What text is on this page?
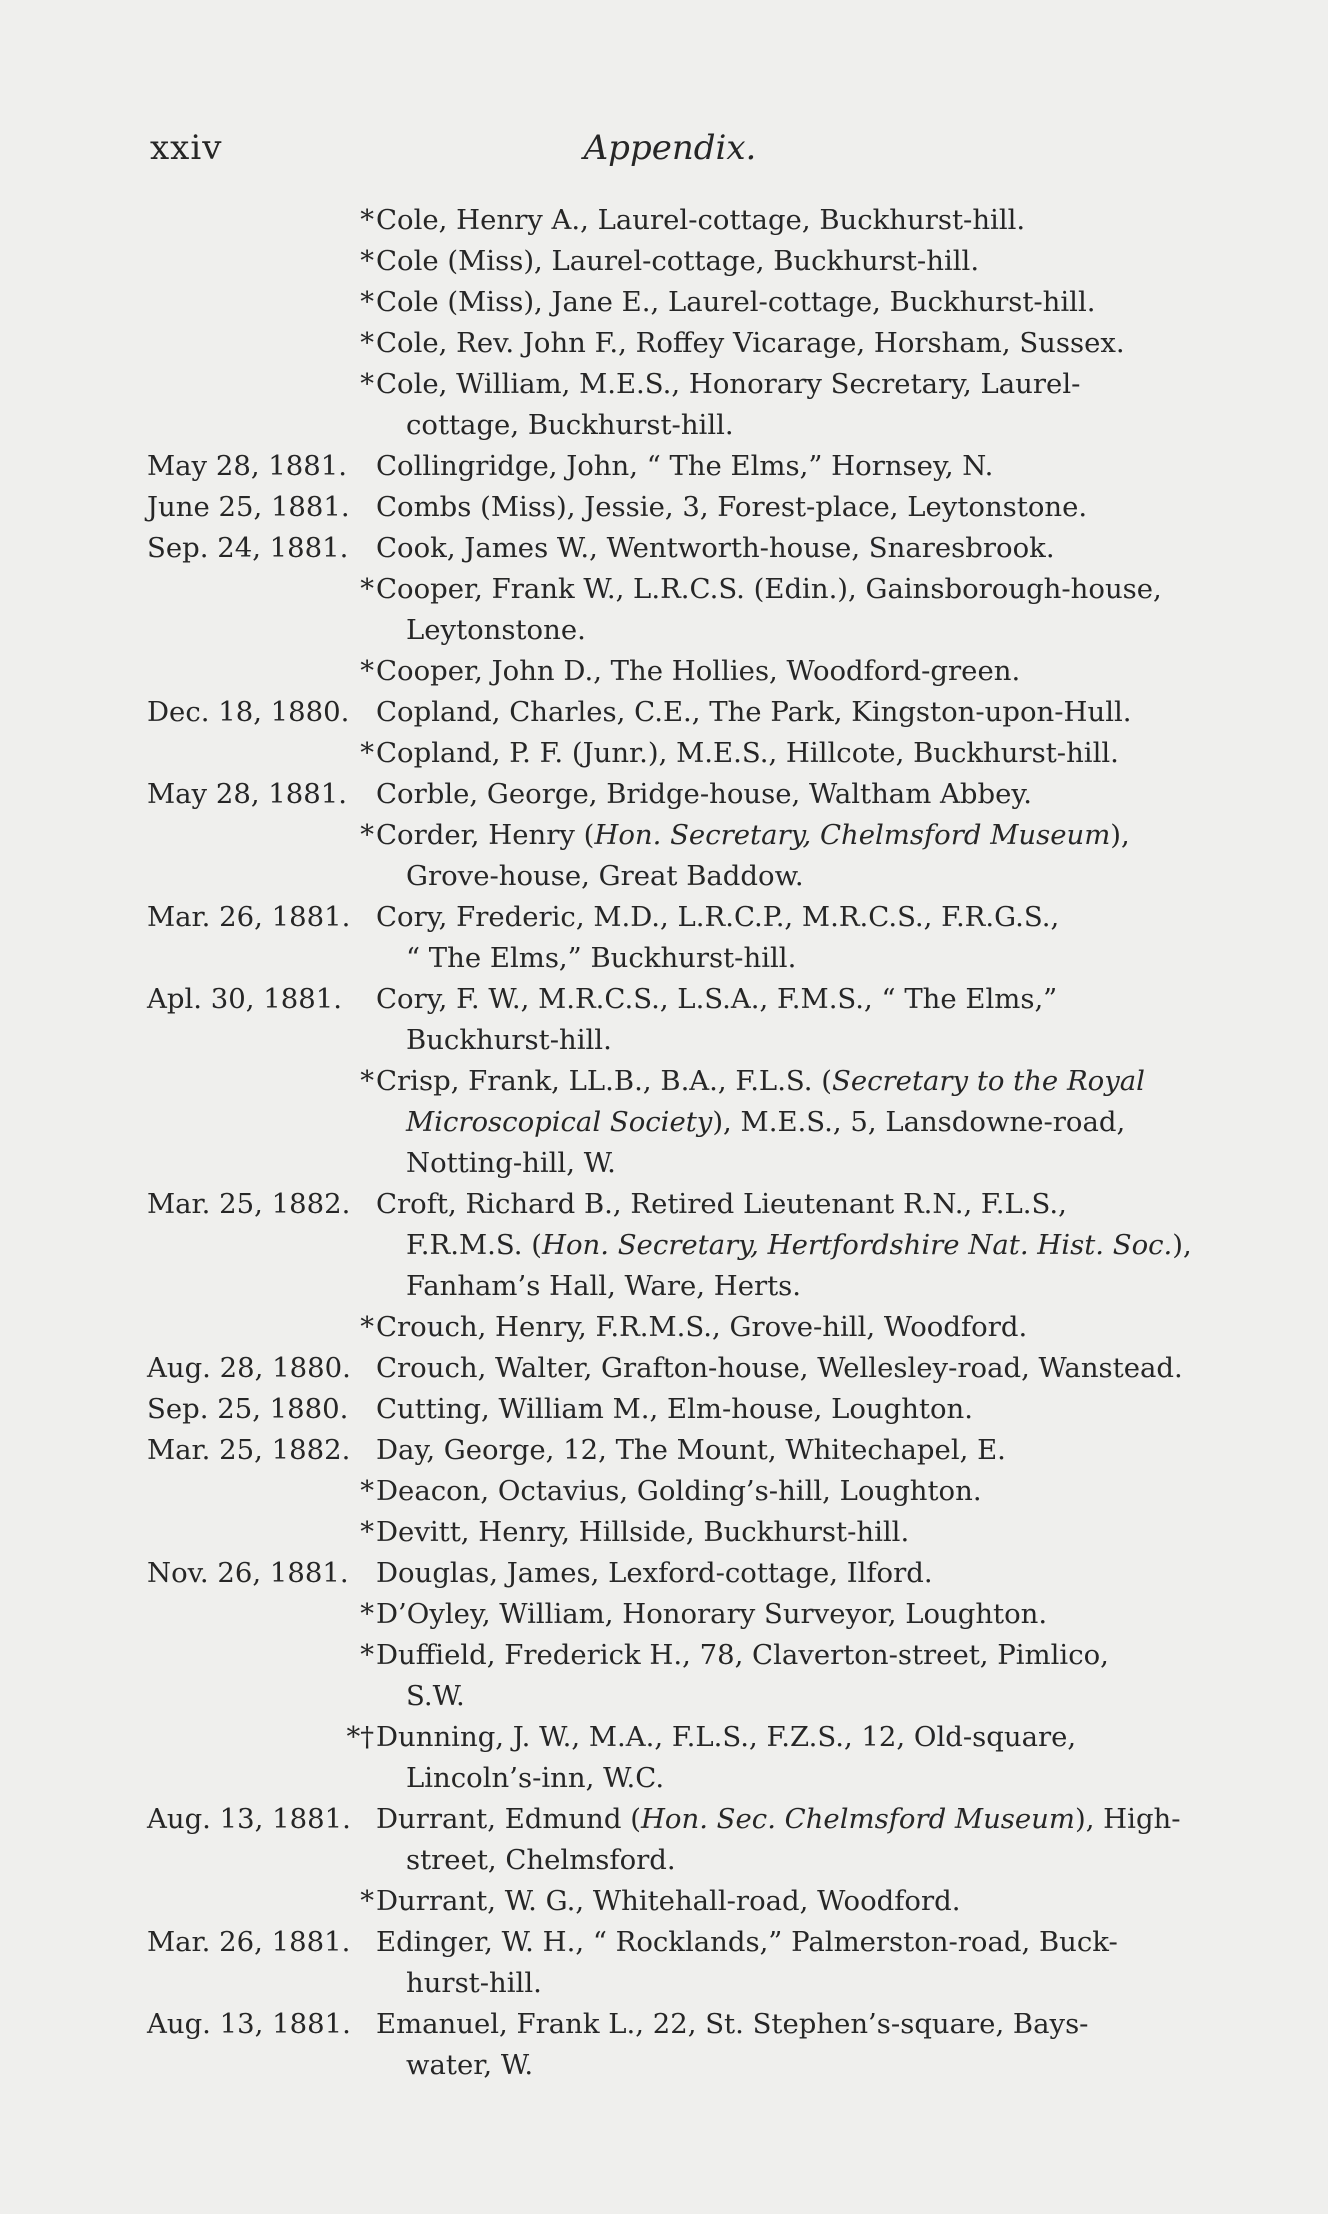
xxiv	Appendix.
* Cole, Henry A., Laurel-cottage, Buckhurst-hill.
* Cole (Miss), Laurel-cottage, Buckhurst-hill.
* Cole (Miss), Jane E., Laurel-cottage, Buckhurst-hill.
* Cole, Rev. John F., Roffey Vicarage, Horsham, Sussex.
* Cole, William, M.E.S., Honorary Secretary, Laurel-
cottage, Buckhurst-hill.
May 28, 1881. Collingridge, John, “ The Elms,” Hornsey, N.
June 25, 1881. Combs (Miss), Jessie, 3, Forest-place, Leytonstone.
Sep. 24, 1881. Cook, James W., Wentworth-house, Snaresbrook.
* Cooper, Frank W., L.R.C.S. (Edin.), Gainsborough-house,
Leytonstone.
* Cooper, John D., The Hollies, Woodford-green.
Dec. 18, 1880. Copland, Charles, C.E., The Park, Kingston-upon-Hull.
* Copland, P. F. (Junr.), M.E.S., Hillcote, Buckhurst-hill.
May 28, 1881. Corble, George, Bridge-house, Waltham Abbey.
* Corder, Henry (Hon. Secretary, Chelmsford Museum),
Grove-house, Great Baddow.
Mar. 26, 1881. Cory, Frederic, M.D., L.R.C.P., M.R.C.S., F.R.G.S.,
“ The Elms,” Buckhurst-hill.
Apl. 30, 1881. Cory, F. W., M.R.C.S., L.S.A., F.M.S., “ The Elms,”
Buckhurst-hill.
* Crisp, Frank, LL.B., B.A., F.L.S. (Secretary to the Royal
Microscopical Society), M.E.S., 5, Lansdowne-road,
Notting-hill, W.
Mar. 25, 1882. Croft, Richard B., Retired Lieutenant R.N., F.L.S.,
F.R.M.S. (Hon. Secretary, Hertfordshire Nat. Hist. Soc.),
Fanham’s Hall, Ware, Herts.
* Crouch, Henry, F.R.M.S., Grove-hill, Woodford.
Aug. 28, 1880. Crouch, Walter, Grafton-house, Wellesley-road, Wanstead.
Sep. 25, 1880. Cutting, William M., Elm-house, Loughton.
Mar. 25, 1882. Day, George, 12, The Mount, Whitechapel, E.
* Deacon, Octavius, Golding’s-hill, Loughton.
* Devitt, Henry, Hillside, Buckhurst-hill.
Nov. 26, 1881. Douglas, James, Lexford-cottage, Ilford.
* D’Oyley, William, Honorary Surveyor, Loughton.
* Duffield, Frederick H., 78, Claverton-street, Pimlico,
S.W.
*† Dunning, J. W., M.A., F.L.S., F.Z.S., 12, Old-square,
Lincoln’s-inn, W.C.
Aug. 13, 1881. Durrant, Edmund (Hon. Sec. Chelmsford Museum), High-
street, Chelmsford.
* Durrant, W. G., Whitehall-road, Woodford.
Mar. 26, 1881. Edinger, W. H., “ Rocklands,” Palmerston-road, Buck-
hurst-hill.
Aug. 13, 1881. Emanuel, Frank L., 22, St. Stephen’s-square, Bays-
water, W.
